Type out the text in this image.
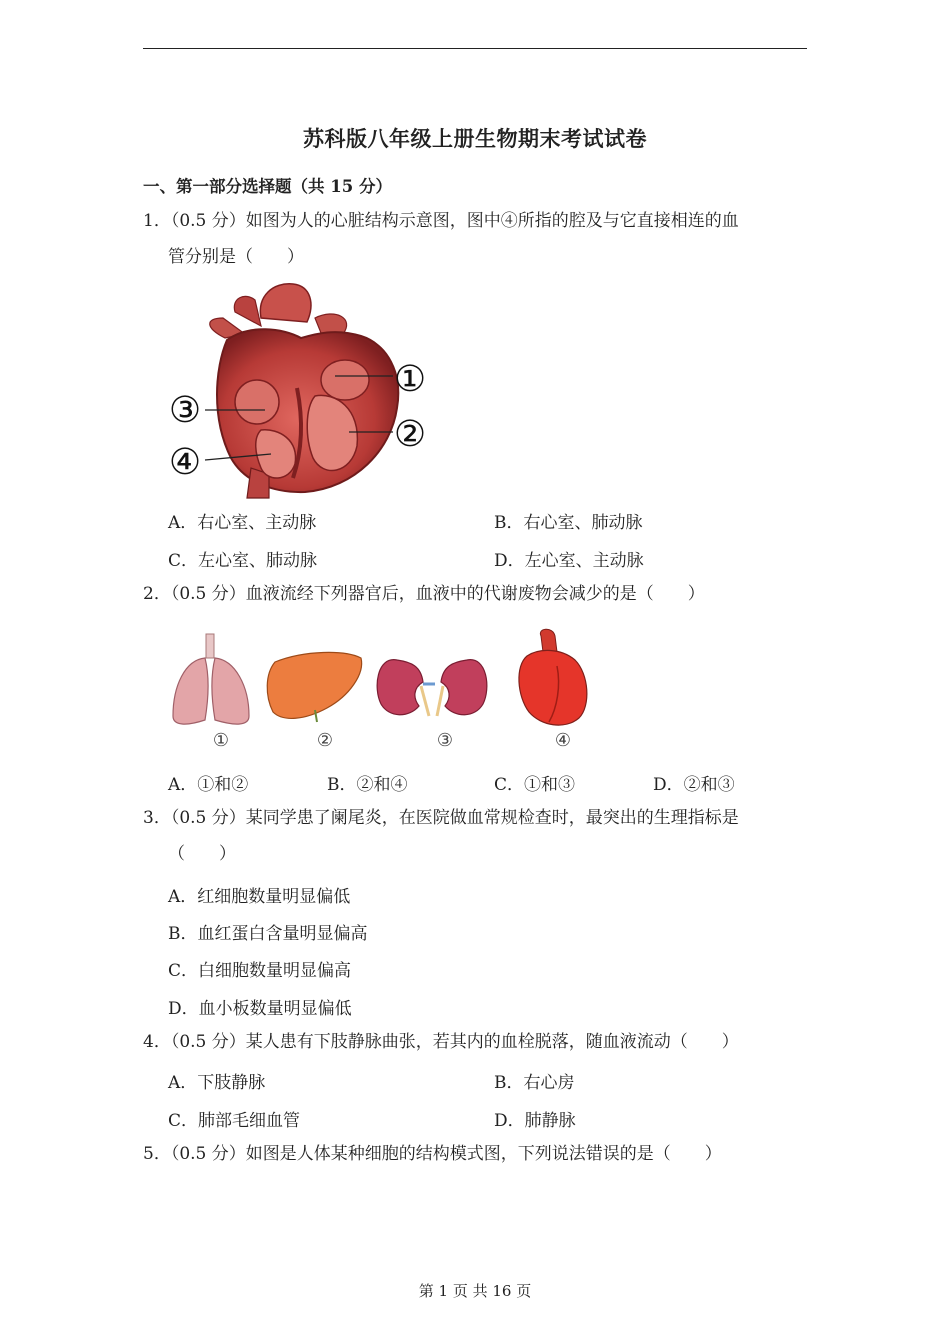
苏科版八年级上册生物期末考试试卷
一、第一部分选择题（共 15 分）
1．（0.5 分）如图为人的心脏结构示意图，图中④所指的腔及与它直接相连的血
管分别是（　　）
①
②
③
④
A．右心室、主动脉	B．右心室、肺动脉
C．左心室、肺动脉	D．左心室、主动脉
2．（0.5 分）血液流经下列器官后，血液中的代谢废物会减少的是（　　）
①	②	③	④
A．①和②	B．②和④	C．①和③	D．②和③
3．（0.5 分）某同学患了阑尾炎，在医院做血常规检查时，最突出的生理指标是
（　　）
A．红细胞数量明显偏低
B．血红蛋白含量明显偏高
C．白细胞数量明显偏高
D．血小板数量明显偏低
4．（0.5 分）某人患有下肢静脉曲张，若其内的血栓脱落，随血液流动（　　）
A．下肢静脉	B．右心房
C．肺部毛细血管	D．肺静脉
5．（0.5 分）如图是人体某种细胞的结构模式图，下列说法错误的是（　　）
第 1 页 共 16 页
